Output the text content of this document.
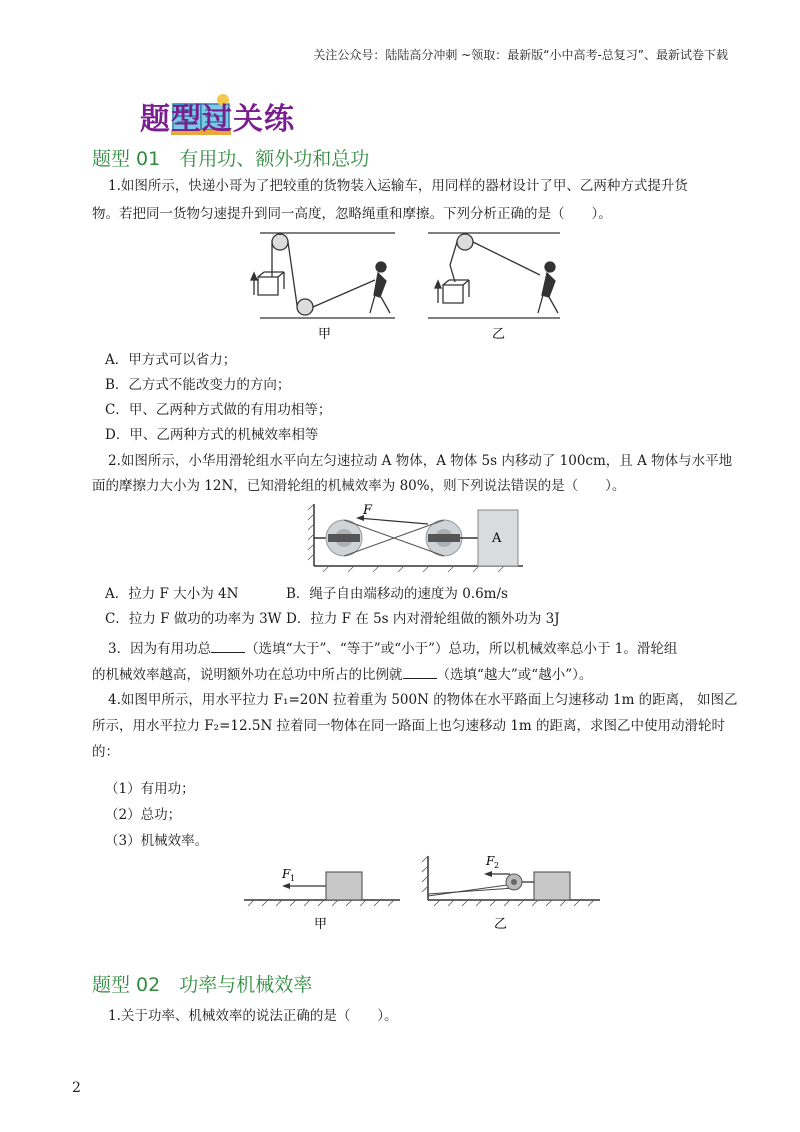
关注公众号：陆陆高分冲刺 ~领取：最新版“小中高考-总复习”、最新试卷下载
题型过关练
题型 01　有用功、额外功和总功
1.如图所示，快递小哥为了把较重的货物装入运输车，用同样的器材设计了甲、乙两种方式提升货
物。若把同一货物匀速提升到同一高度，忽略绳重和摩擦。下列分析正确的是（　　）。
甲	乙
A．甲方式可以省力；
B．乙方式不能改变力的方向；
C．甲、乙两种方式做的有用功相等；
D．甲、乙两种方式的机械效率相等
2.如图所示，小华用滑轮组水平向左匀速拉动 A 物体，A 物体 5s 内移动了 100cm，且 A 物体与水平地
面的摩擦力大小为 12N，已知滑轮组的机械效率为 80%，则下列说法错误的是（　　）。
F
A
A．拉力 F 大小为 4N	B．绳子自由端移动的速度为 0.6m/s
C．拉力 F 做功的功率为 3W D．拉力 F 在 5s 内对滑轮组做的额外功为 3J
3．因为有用功总	（选填“大于”、“等于”或“小于”）总功，所以机械效率总小于 1。滑轮组
的机械效率越高，说明额外功在总功中所占的比例就	（选填“越大”或“越小”）。
4.如图甲所示，用水平拉力 F₁=20N 拉着重为 500N 的物体在水平路面上匀速移动 1m 的距离， 如图乙
所示，用水平拉力 F₂=12.5N 拉着同一物体在同一路面上也匀速移动 1m 的距离，求图乙中使用动滑轮时
的：
（1）有用功；
（2）总功；
（3）机械效率。
F 1
甲
F 2
乙
题型 02　功率与机械效率
1.关于功率、机械效率的说法正确的是（　　）。
2
